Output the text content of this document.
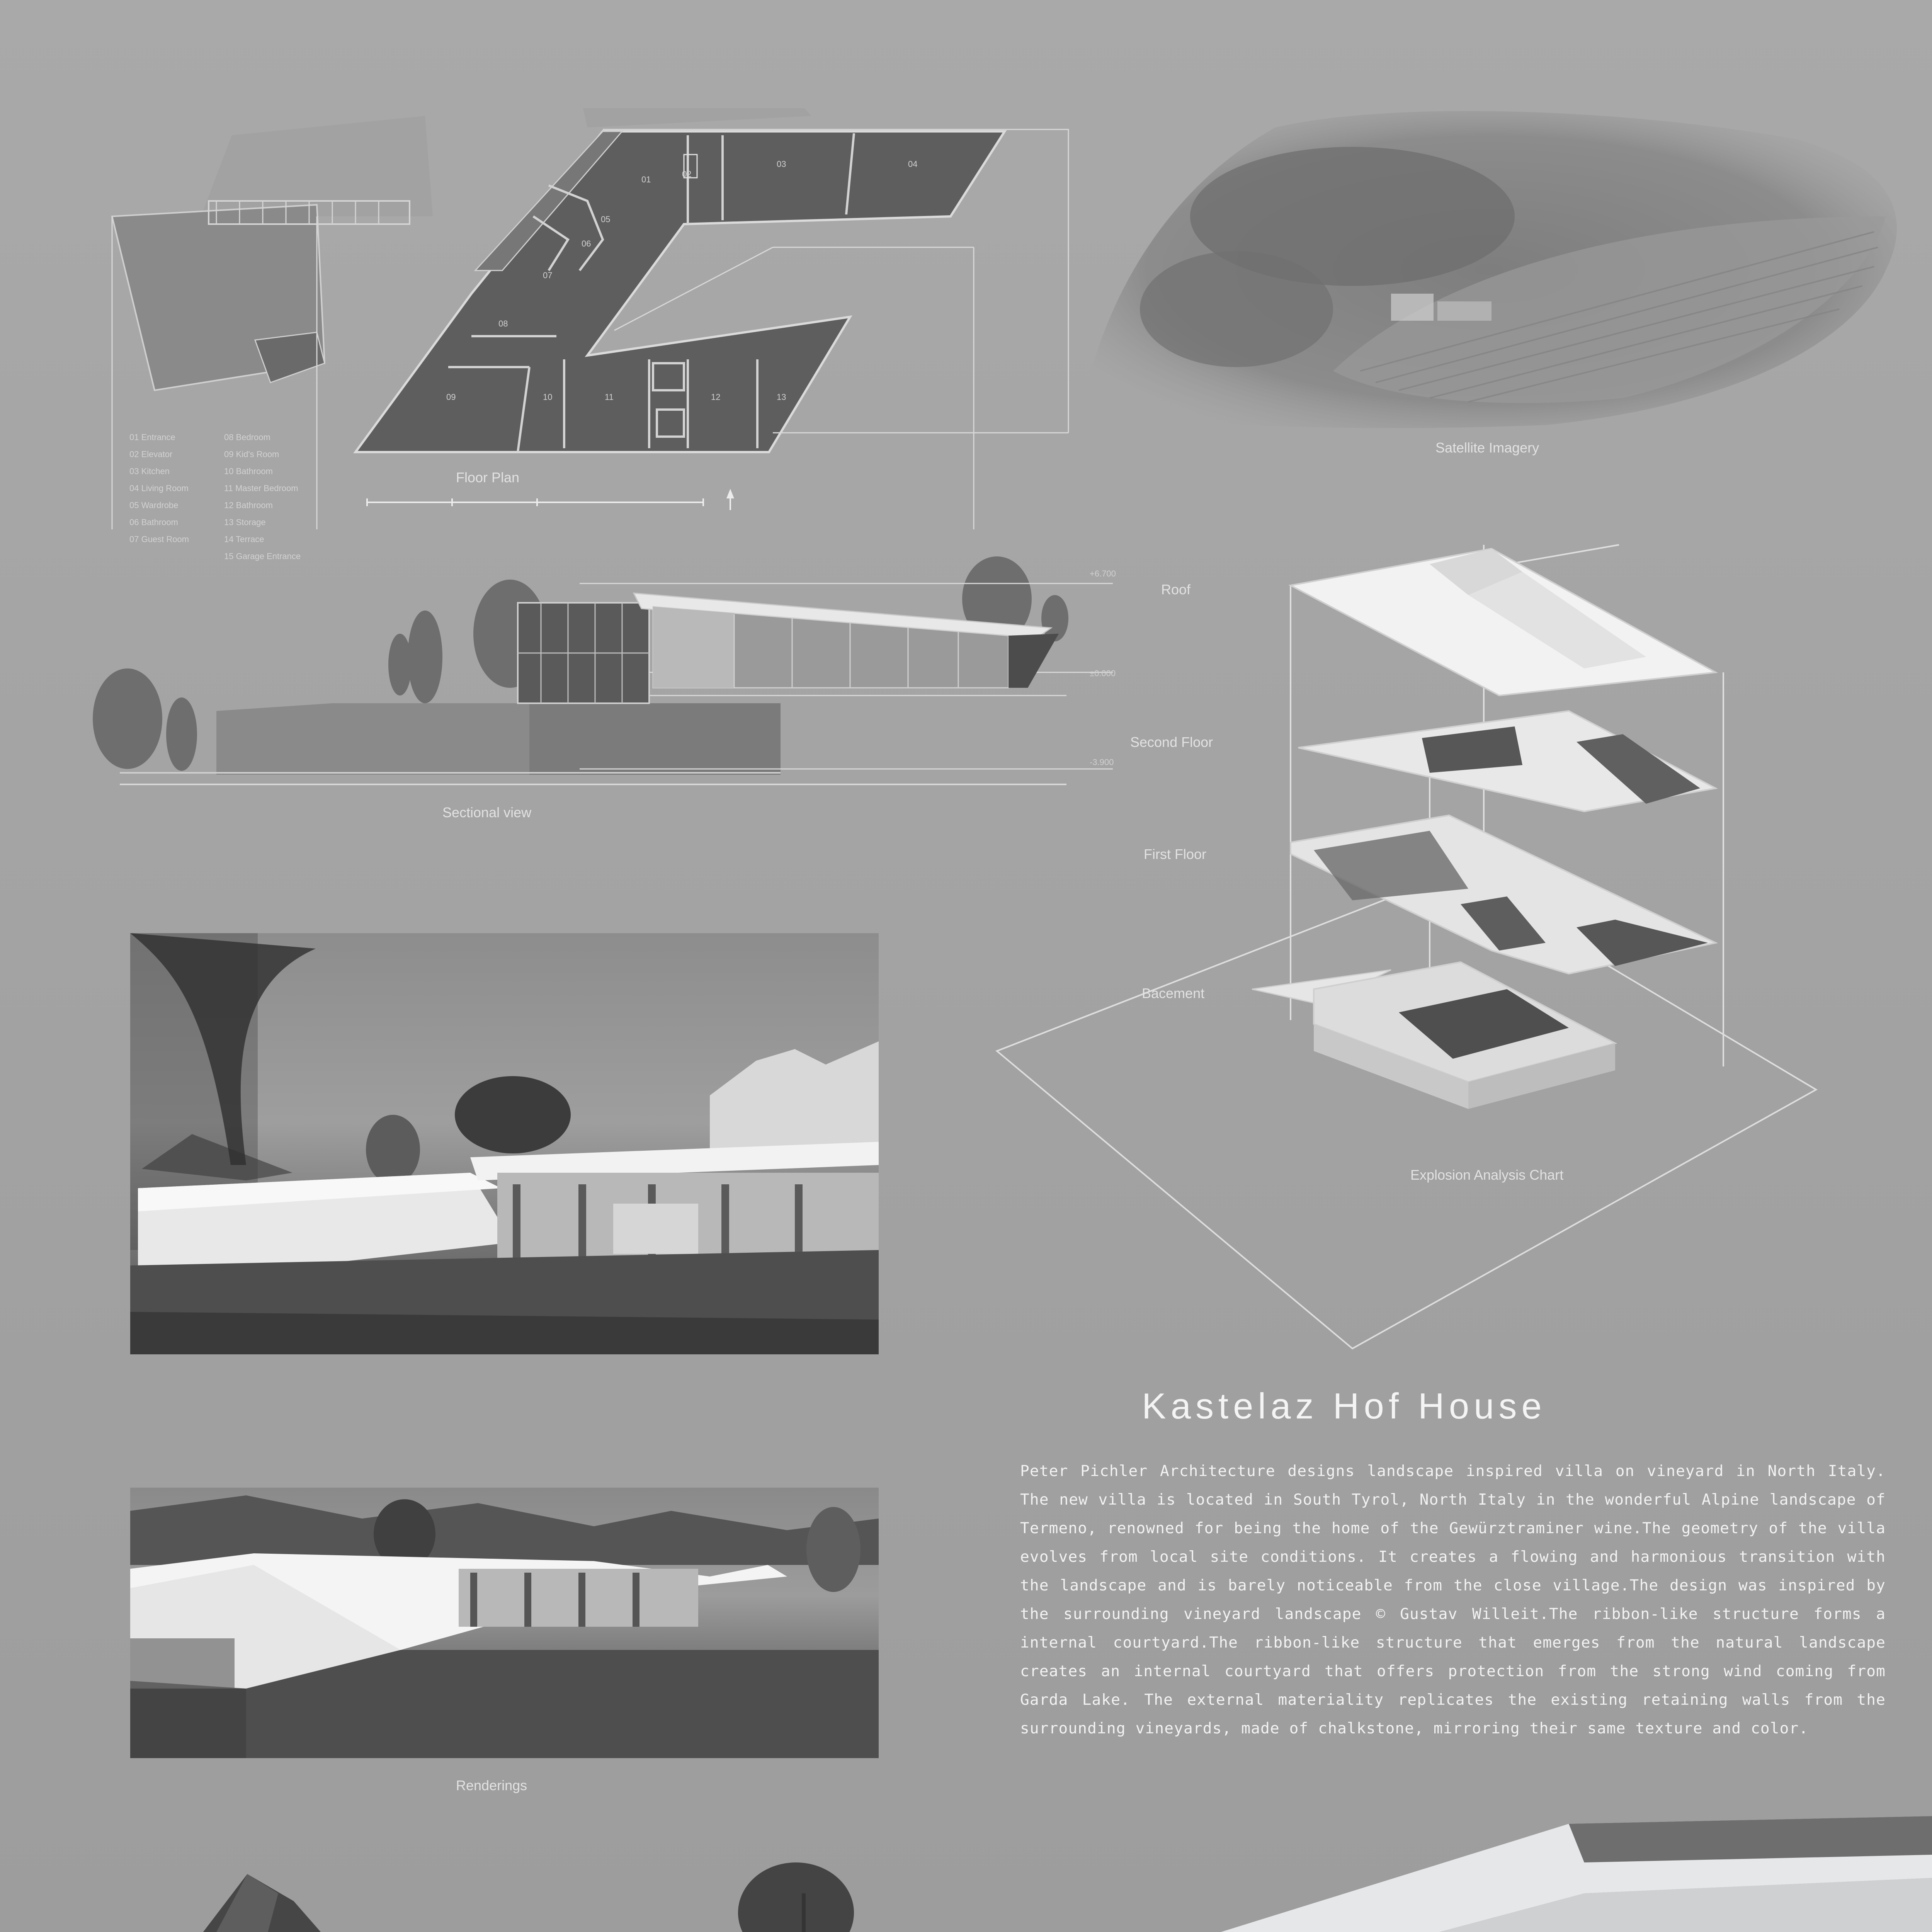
01
02
03	04
05
06
07
08
09	10	11	12	13
01 Entrance
02 Elevator
03 Kitchen
04 Living Room
05 Wardrobe
06 Bathroom
07 Guest Room
08 Bedroom
09 Kid's Room
10 Bathroom
11 Master Bedroom
12 Bathroom
13 Storage
14 Terrace
15 Garage Entrance
Floor Plan
+6.700
±0.000
-3.900
Sectional view
Satellite Imagery
Roof
Second Floor
First Floor
Bacement
Explosion Analysis Chart
Renderings
Kastelaz Hof House
Peter Pichler Architecture designs landscape inspired villa on vineyard in North Italy. The new villa is located in South Tyrol, North Italy in the wonderful Alpine landscape of Termeno, renowned for being the home of the Gewürztraminer wine.The geometry of the villa evolves from local site conditions. It creates a flowing and harmonious transition with the landscape and is barely noticeable from the close village.The design was inspired by the surrounding vineyard landscape © Gustav Willeit.The ribbon-like structure forms a internal courtyard.The ribbon-like structure that emerges from the natural landscape creates an internal courtyard that offers protection from the strong wind coming from Garda Lake. The external materiality replicates the existing retaining walls from the surrounding vineyards, made of chalkstone, mirroring their same texture and color.
